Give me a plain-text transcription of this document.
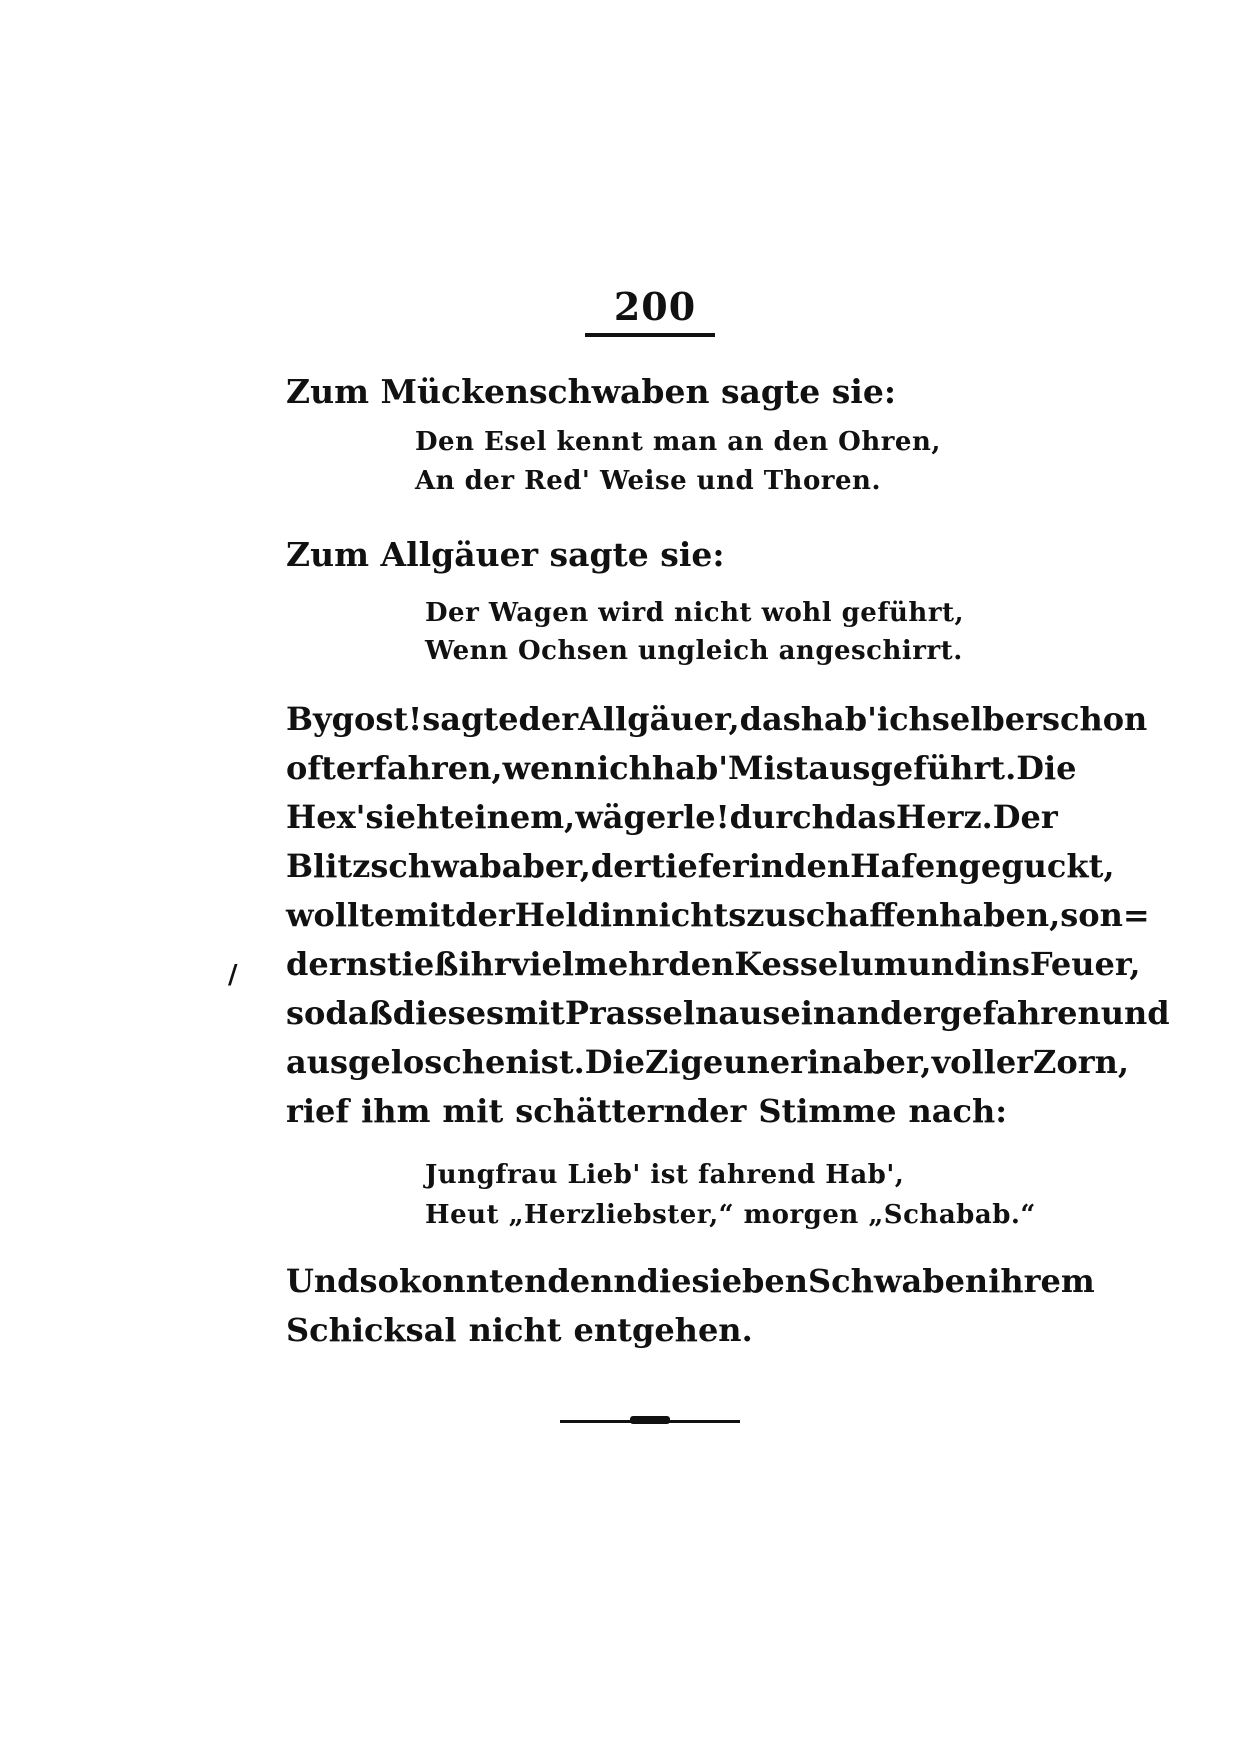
200
Zum Mückenschwaben sagte sie:
Den Esel kennt man an den Ohren,
An der Red' Weise und Thoren.
Zum Allgäuer sagte sie:
Der Wagen wird nicht wohl geführt,
Wenn Ochsen ungleich angeschirrt.
Bygost! sagte der Allgäuer, das hab' ich selber schon
oft erfahren, wenn ich hab' Mist ausgeführt. Die
Hex' sieht einem, wägerle! durch das Herz. Der
Blitzschwab aber, der tiefer in den Hafen geguckt,
wollte mit der Heldin nichts zu schaffen haben, son=
dern stieß ihr vielmehr den Kessel um und ins Feuer,
so daß dieses mit Prasseln auseinander gefahren und
ausgeloschen ist. Die Zigeunerin aber, voller Zorn,
rief ihm mit schätternder Stimme nach:
/
Jungfrau Lieb' ist fahrend Hab',
Heut „Herzliebster,“ morgen „Schabab.“
Und so konnten denn die sieben Schwaben ihrem
Schicksal nicht entgehen.
